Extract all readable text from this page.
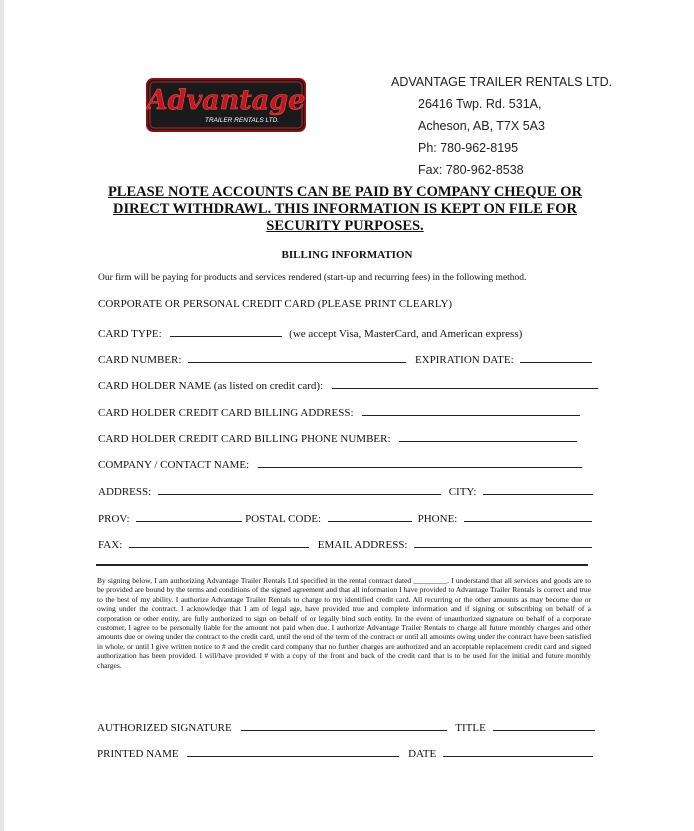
Advantage
TRAILER RENTALS LTD.
ADVANTAGE TRAILER RENTALS LTD.
26416 Twp. Rd. 531A,
Acheson, AB, T7X 5A3
Ph: 780-962-8195
Fax: 780-962-8538
PLEASE NOTE ACCOUNTS CAN BE PAID BY COMPANY CHEQUE OR
DIRECT WITHDRAWL. THIS INFORMATION IS KEPT ON FILE FOR
SECURITY PURPOSES.
BILLING INFORMATION
Our firm will be paying for products and services rendered (start-up and recurring fees) in the following method.
CORPORATE OR PERSONAL CREDIT CARD (PLEASE PRINT CLEARLY)
CARD TYPE:	(we accept Visa, MasterCard, and American express)
CARD NUMBER:	EXPIRATION DATE:
CARD HOLDER NAME (as listed on credit card):
CARD HOLDER CREDIT CARD BILLING ADDRESS:
CARD HOLDER CREDIT CARD BILLING PHONE NUMBER:
COMPANY / CONTACT NAME:
ADDRESS:	CITY:
PROV:	POSTAL CODE:	PHONE:
FAX:	EMAIL ADDRESS:
By signing below, I am authorizing Advantage Trailer Rentals Ltd specified in the rental contract dated _________. I understand that all services and goods are to be provided are bound by the terms and conditions of the signed agreement and that all information I have provided to Advantage Trailer Rentals is correct and true to the best of my ability. I authorize Advantage Trailer Rentals to charge to my identified credit card. All recurring or the other amounts as may become due or owing under the contract. I acknowledge that I am of legal age, have provided true and complete information and if signing or subscribing on behalf of a corporation or other entity, are fully authorized to sign on behalf of or legally bind such entity. In the event of unauthorized signature on behalf of a corporate customer, I agree to be personally liable for the amount not paid when due. I authorize Advantage Trailer Rentals to charge all future monthly charges and other amounts due or owing under the contract to the credit card, until the end of the term of the contract or until all amounts owing under the contract have been satisfied in whole, or until I give written notice to # and the credit card company that no further charges are authorized and an acceptable replacement credit card and signed authorization has been provided. I will/have provided # with a copy of the front and back of the credit card that is to be used for the initial and future monthly charges.
AUTHORIZED SIGNATURE	TITLE
PRINTED NAME	DATE
